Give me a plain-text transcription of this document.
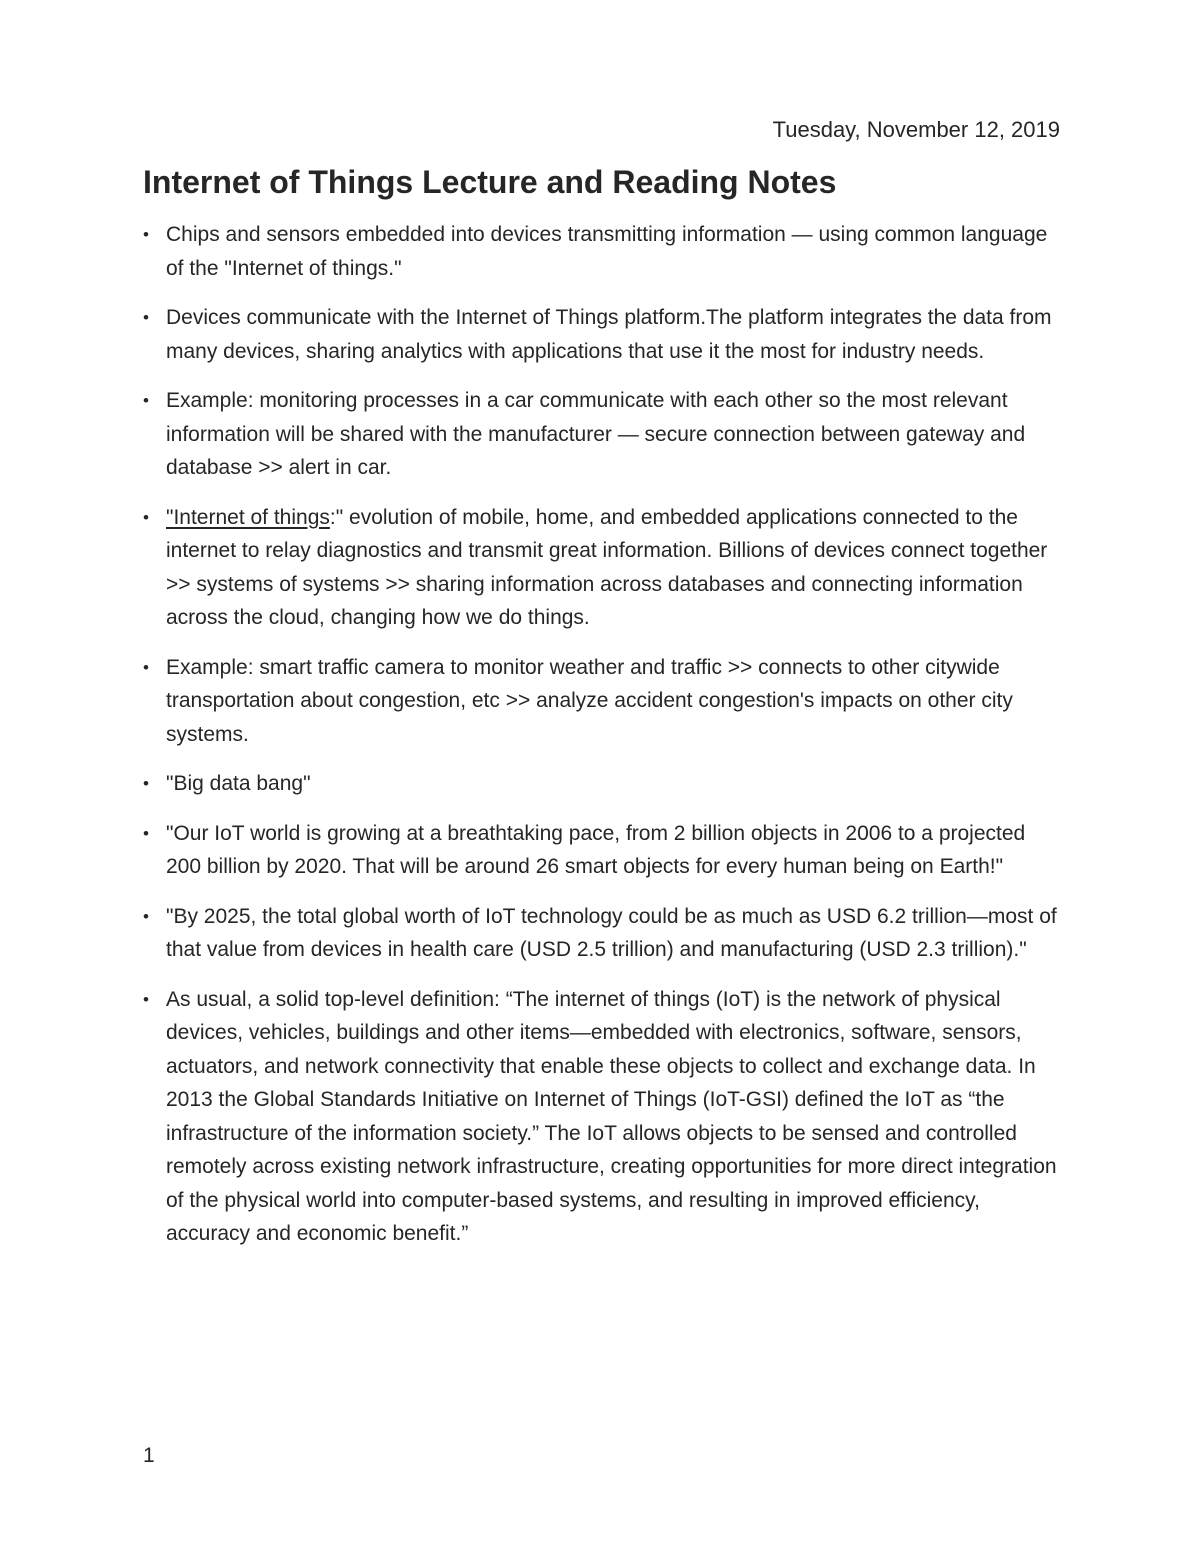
Tuesday, November 12, 2019
Internet of Things Lecture and Reading Notes
• Chips and sensors embedded into devices transmitting information — using common language of the "Internet of things."
• Devices communicate with the Internet of Things platform.The platform integrates the data from many devices, sharing analytics with applications that use it the most for industry needs.
• Example: monitoring processes in a car communicate with each other so the most relevant information will be shared with the manufacturer — secure connection between gateway and database >> alert in car.
• "Internet of things:" evolution of mobile, home, and embedded applications connected to the internet to relay diagnostics and transmit great information. Billions of devices connect together >> systems of systems >> sharing information across databases and connecting information across the cloud, changing how we do things.
• Example: smart traffic camera to monitor weather and traffic >> connects to other citywide transportation about congestion, etc >> analyze accident congestion's impacts on other city systems.
• "Big data bang"
• "Our IoT world is growing at a breathtaking pace, from 2 billion objects in 2006 to a projected 200 billion by 2020. That will be around 26 smart objects for every human being on Earth!"
• "By 2025, the total global worth of IoT technology could be as much as USD 6.2 trillion—most of that value from devices in health care (USD 2.5 trillion) and manufacturing (USD 2.3 trillion)."
• As usual, a solid top-level definition: “The internet of things (IoT) is the network of physical devices, vehicles, buildings and other items—embedded with electronics, software, sensors, actuators, and network connectivity that enable these objects to collect and exchange data. In 2013 the Global Standards Initiative on Internet of Things (IoT-GSI) defined the IoT as “the infrastructure of the information society.” The IoT allows objects to be sensed and controlled remotely across existing network infrastructure, creating opportunities for more direct integration of the physical world into computer-based systems, and resulting in improved efficiency, accuracy and economic benefit.”
1
